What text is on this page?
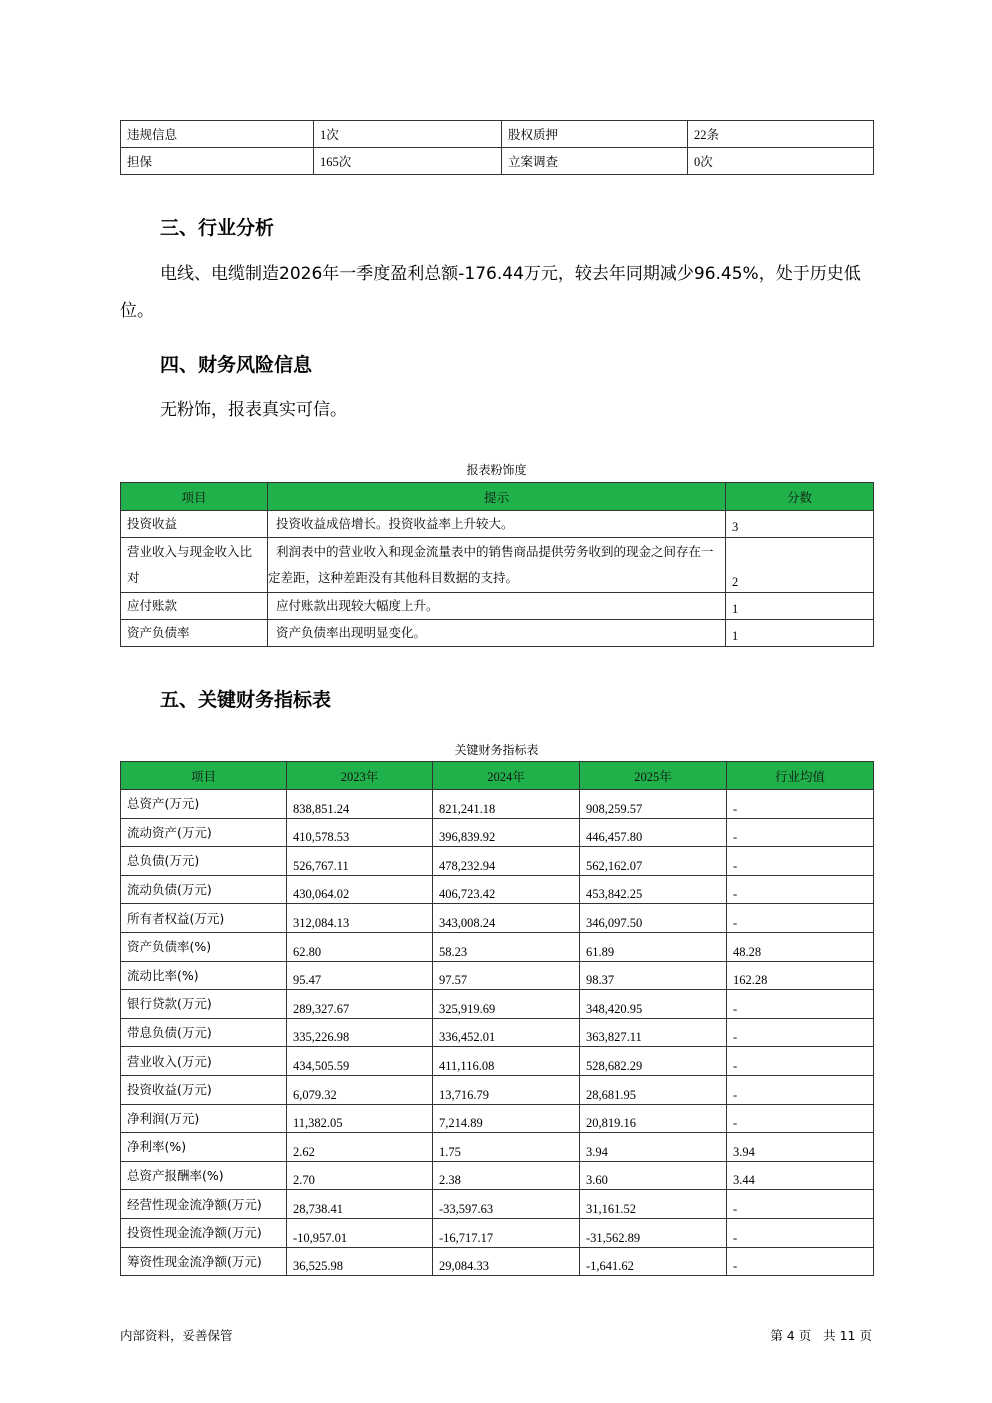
违规信息	1次	股权质押	22条
担保	165次	立案调查	0次
三、行业分析
电线、电缆制造2026年一季度盈利总额-176.44万元，较去年同期减少96.45%，处于历史低位。
四、财务风险信息
无粉饰，报表真实可信。
报表粉饰度
项目	提示	分数
投资收益	投资收益成倍增长。投资收益率上升较大。	3
营业收入与现金收入比对	利润表中的营业收入和现金流量表中的销售商品提供劳务收到的现金之间存在一定差距，这种差距没有其他科目数据的支持。	2
应付账款	应付账款出现较大幅度上升。	1
资产负债率	资产负债率出现明显变化。	1
五、关键财务指标表
关键财务指标表
项目	2023年	2024年	2025年	行业均值
总资产(万元)	838,851.24	821,241.18	908,259.57	-
流动资产(万元)	410,578.53	396,839.92	446,457.80	-
总负债(万元)	526,767.11	478,232.94	562,162.07	-
流动负债(万元)	430,064.02	406,723.42	453,842.25	-
所有者权益(万元)	312,084.13	343,008.24	346,097.50	-
资产负债率(%)	62.80	58.23	61.89	48.28
流动比率(%)	95.47	97.57	98.37	162.28
银行贷款(万元)	289,327.67	325,919.69	348,420.95	-
带息负债(万元)	335,226.98	336,452.01	363,827.11	-
营业收入(万元)	434,505.59	411,116.08	528,682.29	-
投资收益(万元)	6,079.32	13,716.79	28,681.95	-
净利润(万元)	11,382.05	7,214.89	20,819.16	-
净利率(%)	2.62	1.75	3.94	3.94
总资产报酬率(%)	2.70	2.38	3.60	3.44
经营性现金流净额(万元)	28,738.41	-33,597.63	31,161.52	-
投资性现金流净额(万元)	-10,957.01	-16,717.17	-31,562.89	-
筹资性现金流净额(万元)	36,525.98	29,084.33	-1,641.62	-
内部资料，妥善保管	第 4 页   共 11 页
